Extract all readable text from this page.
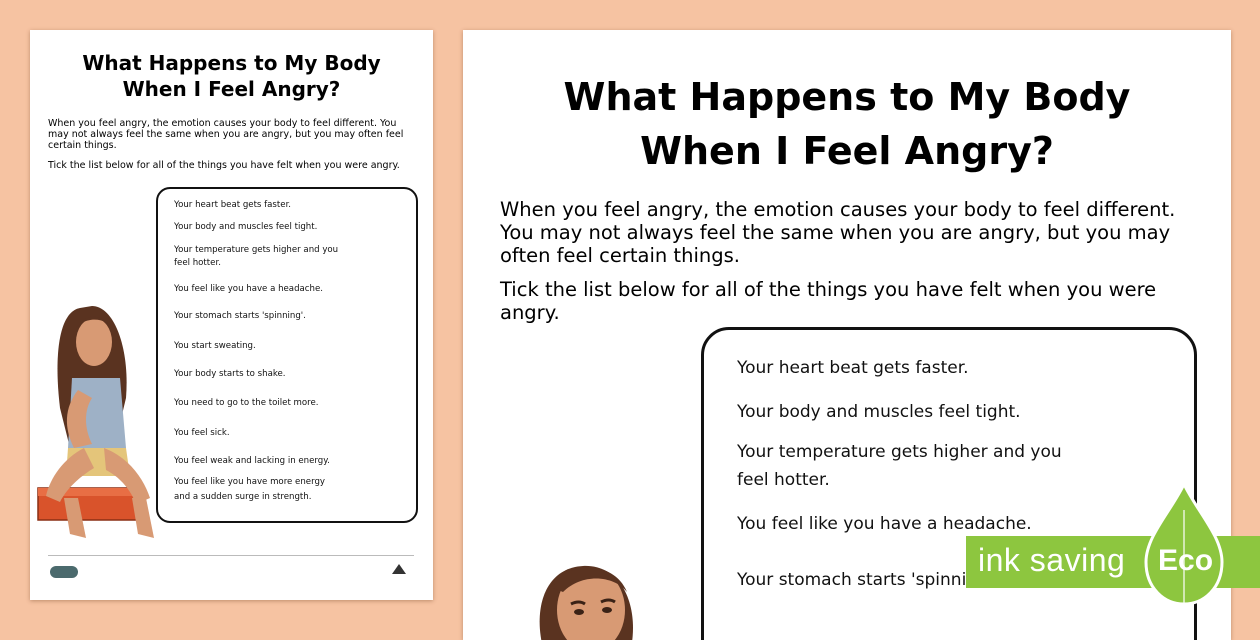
What Happens to My Body
When I Feel Angry?
When you feel angry, the emotion causes your body to feel different. You may not always feel the same when you are angry, but you may often feel certain things.
Tick the list below for all of the things you have felt when you were angry.
Your heart beat gets faster.
Your body and muscles feel tight.
Your temperature gets higher and you
feel hotter.
You feel like you have a headache.
Your stomach starts 'spinning'.
You start sweating.
Your body starts to shake.
You need to go to the toilet more.
You feel sick.
You feel weak and lacking in energy.
You feel like you have more energy
and a sudden surge in strength.
What Happens to My Body
When I Feel Angry?
When you feel angry, the emotion causes your body to feel different. You may not always feel the same when you are angry, but you may often feel certain things.
Tick the list below for all of the things you have felt when you were angry.
Your heart beat gets faster.
Your body and muscles feel tight.
Your temperature gets higher and you
feel hotter.
You feel like you have a headache.
Your stomach starts 'spinni
ink saving Eco
